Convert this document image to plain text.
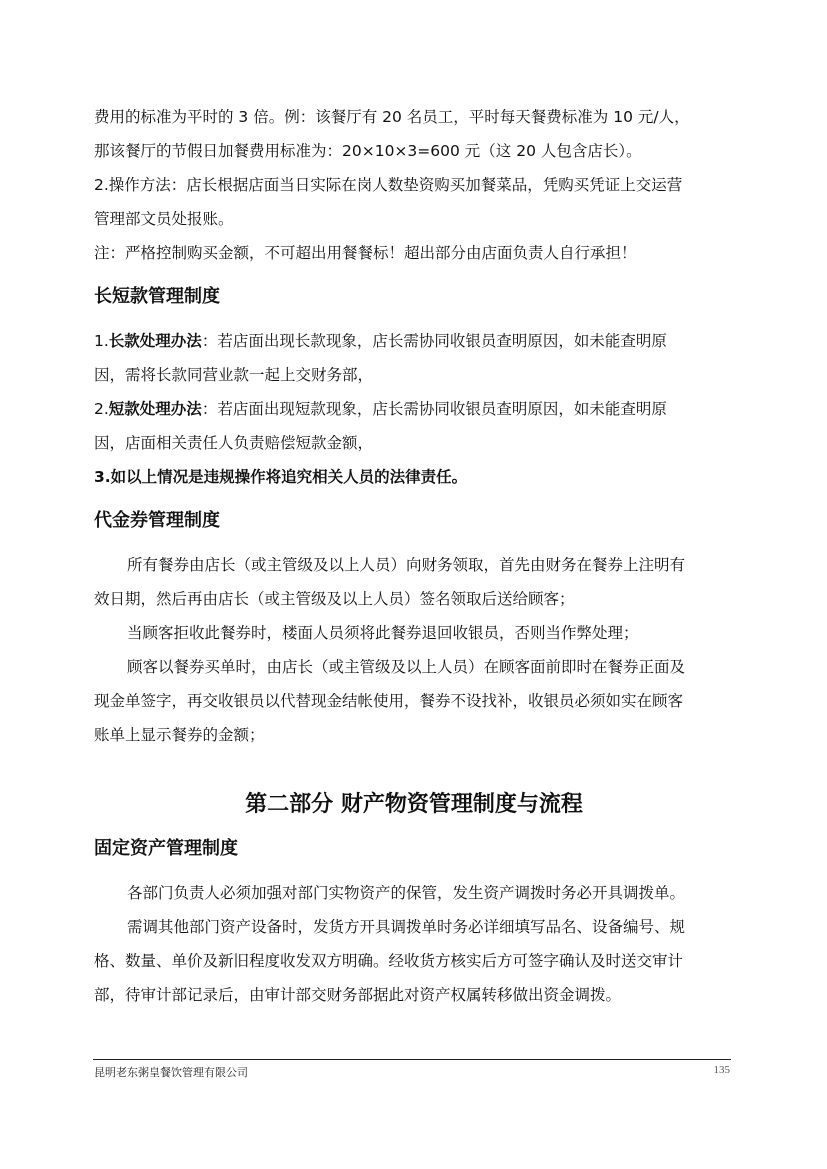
费用的标准为平时的 3 倍。例：该餐厅有 20 名员工，平时每天餐费标准为 10 元/人，
那该餐厅的节假日加餐费用标准为：20×10×3=600 元（这 20 人包含店长）。
2.操作方法：店长根据店面当日实际在岗人数垫资购买加餐菜品，凭购买凭证上交运营
管理部文员处报账。
注：严格控制购买金额，不可超出用餐餐标！超出部分由店面负责人自行承担！
长短款管理制度
1.长款处理办法：若店面出现长款现象，店长需协同收银员查明原因，如未能查明原
因，需将长款同营业款一起上交财务部，
2.短款处理办法：若店面出现短款现象，店长需协同收银员查明原因，如未能查明原
因，店面相关责任人负责赔偿短款金额，
3.如以上情况是违规操作将追究相关人员的法律责任。
代金券管理制度
所有餐券由店长（或主管级及以上人员）向财务领取，首先由财务在餐券上注明有
效日期，然后再由店长（或主管级及以上人员）签名领取后送给顾客；
当顾客拒收此餐券时，楼面人员须将此餐券退回收银员，否则当作弊处理；
顾客以餐券买单时，由店长（或主管级及以上人员）在顾客面前即时在餐券正面及
现金单签字，再交收银员以代替现金结帐使用，餐券不设找补，收银员必须如实在顾客
账单上显示餐券的金额；
第二部分 财产物资管理制度与流程
固定资产管理制度
各部门负责人必须加强对部门实物资产的保管，发生资产调拨时务必开具调拨单。
需调其他部门资产设备时，发货方开具调拨单时务必详细填写品名、设备编号、规
格、数量、单价及新旧程度收发双方明确。经收货方核实后方可签字确认及时送交审计
部，待审计部记录后，由审计部交财务部据此对资产权属转移做出资金调拨。
昆明老东粥皇餐饮管理有限公司	135
